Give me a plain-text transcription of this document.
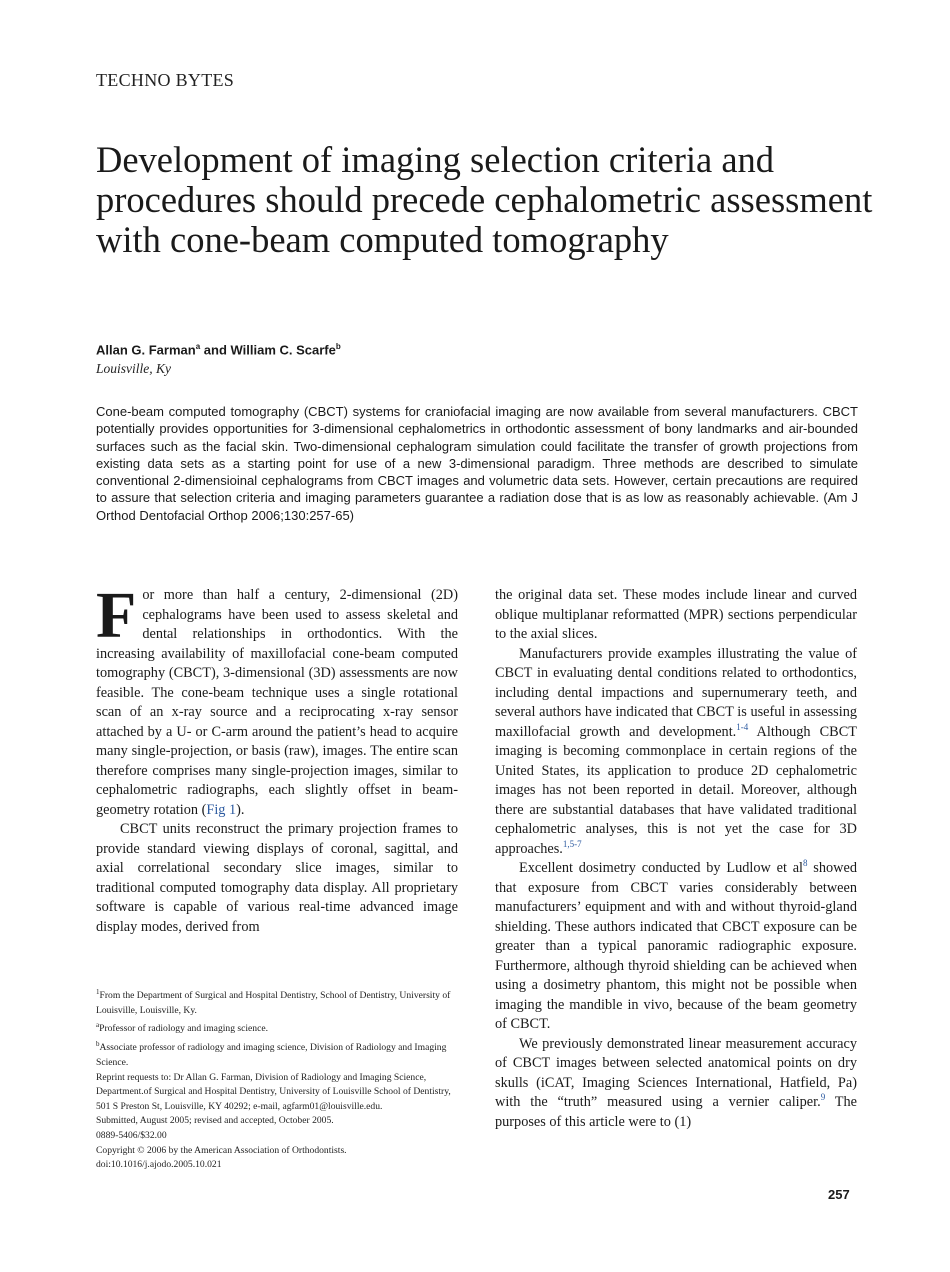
TECHNO BYTES
Development of imaging selection criteria and procedures should precede cephalometric assessment with cone-beam computed tomography
Allan G. Farman$^a$ and William C. Scarfe$^b$
Louisville, Ky

Cone-beam computed tomography (CBCT) systems for craniofacial imaging are now available from several manufacturers. CBCT potentially provides opportunities for 3-dimensional cephalometrics in orthodontic assessment of bony landmarks and air-bounded surfaces such as the facial skin. Two-dimensional cephalogram simulation could facilitate the transfer of growth projections from existing data sets as a starting point for use of a new 3-dimensional paradigm. Three methods are described to simulate conventional 2-dimensioinal cephalograms from CBCT images and volumetric data sets. However, certain precautions are required to assure that selection criteria and imaging parameters guarantee a radiation dose that is as low as reasonably achievable. (Am J Orthod Dentofacial Orthop 2006;130:257-65)

For more than half a century, 2-dimensional (2D) cephalograms have been used to assess skeletal and dental relationships in orthodontics. With the increasing availability of maxillofacial cone-beam computed tomography (CBCT), 3-dimensional (3D) assessments are now feasible. The cone-beam technique uses a single rotational scan of an x-ray source and a reciprocating x-ray sensor attached by a U- or C-arm around the patient’s head to acquire many single-projection, or basis (raw), images. The entire scan therefore comprises many single-projection images, similar to cephalometric radiographs, each slightly offset in beam-geometry rotation (Fig 1).

CBCT units reconstruct the primary projection frames to provide standard viewing displays of coronal, sagittal, and axial correlational secondary slice images, similar to traditional computed tomography data display. All proprietary software is capable of various real-time advanced image display modes, derived from

the original data set. These modes include linear and curved oblique multiplanar reformatted (MPR) sections perpendicular to the axial slices.

Manufacturers provide examples illustrating the value of CBCT in evaluating dental conditions related to orthodontics, including dental impactions and supernumerary teeth, and several authors have indicated that CBCT is useful in assessing maxillofacial growth and development.$^{1-4}$ Although CBCT imaging is becoming commonplace in certain regions of the United States, its application to produce 2D cephalometric images has not been reported in detail. Moreover, although there are substantial databases that have validated traditional cephalometric analyses, this is not yet the case for 3D approaches.$^{1,5-7}$

Excellent dosimetry conducted by Ludlow et al$^8$ showed that exposure from CBCT varies considerably between manufacturers’ equipment and with and without thyroid-gland shielding. These authors indicated that CBCT exposure can be greater than a typical panoramic radiographic exposure. Furthermore, although thyroid shielding can be achieved when using a dosimetry phantom, this might not be possible when imaging the mandible in vivo, because of the beam geometry of CBCT.

We previously demonstrated linear measurement accuracy of CBCT images between selected anatomical points on dry skulls (iCAT, Imaging Sciences International, Hatfield, Pa) with the “truth” measured using a vernier caliper.$^9$ The purposes of this article were to (1)

$^1$From the Department of Surgical and Hospital Dentistry, School of Dentistry, University of Louisville, Louisville, Ky.
$^a$Professor of radiology and imaging science.
$^b$Associate professor of radiology and imaging science, Division of Radiology and Imaging Science.
Reprint requests to: Dr Allan G. Farman, Division of Radiology and Imaging Science, Department.of Surgical and Hospital Dentistry, University of Louisville School of Dentistry, 501 S Preston St, Louisville, KY 40292; e-mail, agfarm01@louisville.edu.
Submitted, August 2005; revised and accepted, October 2005.
0889-5406/$32.00
Copyright © 2006 by the American Association of Orthodontists.
doi:10.1016/j.ajodo.2005.10.021
257
